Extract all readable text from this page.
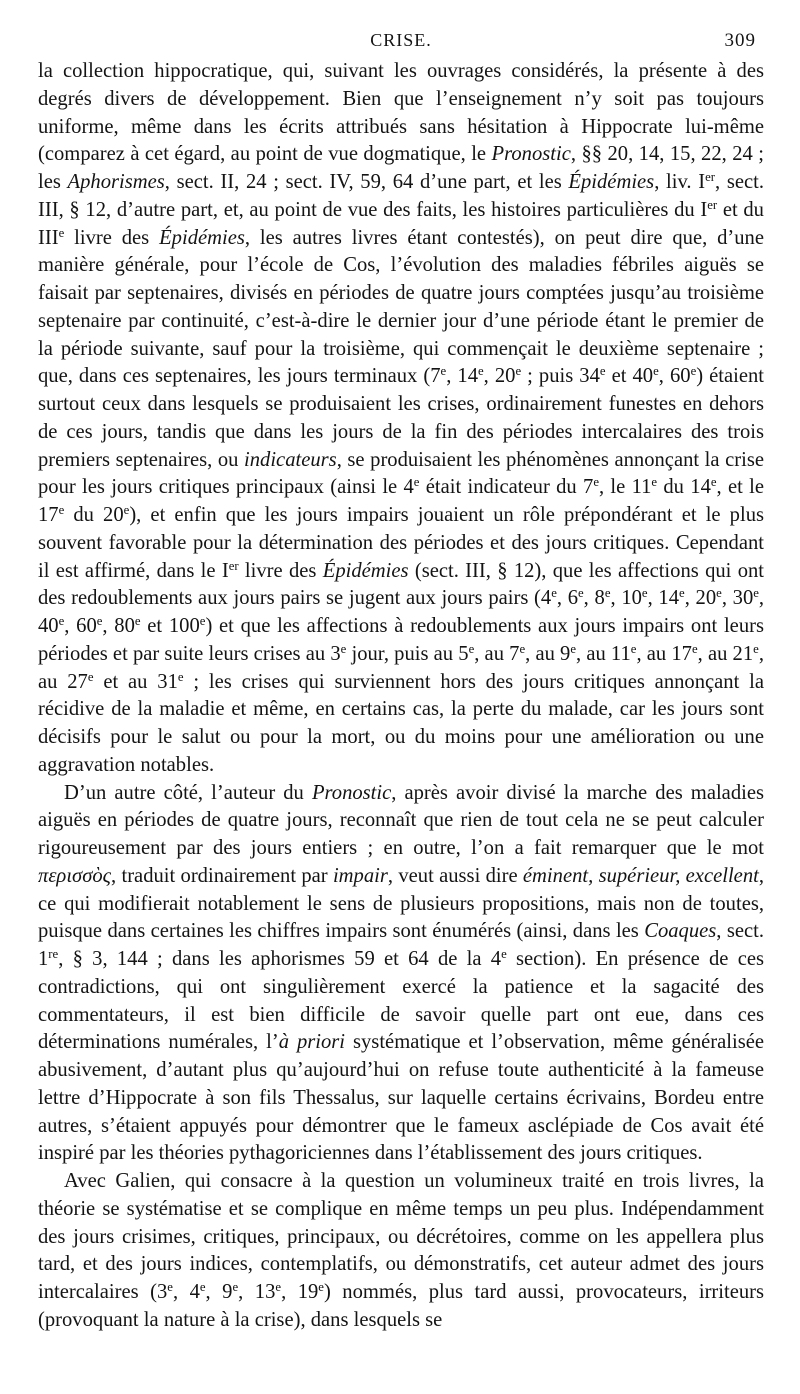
CRISE.	309

la collection hippocratique, qui, suivant les ouvrages considérés, la présente à des degrés divers de développement. Bien que l’enseignement n’y soit pas toujours uniforme, même dans les écrits attribués sans hésitation à Hippocrate lui-même (comparez à cet égard, au point de vue dogmatique, le Pronostic, §§ 20, 14, 15, 22, 24 ; les Aphorismes, sect. II, 24 ; sect. IV, 59, 64 d’une part, et les Épidémies, liv. Ier, sect. III, § 12, d’autre part, et, au point de vue des faits, les histoires particulières du Ier et du IIIe livre des Épidémies, les autres livres étant contestés), on peut dire que, d’une manière générale, pour l’école de Cos, l’évolution des maladies fébriles aiguës se faisait par septenaires, divisés en périodes de quatre jours comptées jusqu’au troisième septenaire par continuité, c’est-à-dire le dernier jour d’une période étant le premier de la période suivante, sauf pour la troisième, qui commençait le deuxième septenaire ; que, dans ces septenaires, les jours terminaux (7e, 14e, 20e ; puis 34e et 40e, 60e) étaient surtout ceux dans lesquels se produisaient les crises, ordinairement funestes en dehors de ces jours, tandis que dans les jours de la fin des périodes intercalaires des trois premiers septenaires, ou indicateurs, se produisaient les phénomènes annonçant la crise pour les jours critiques principaux (ainsi le 4e était indicateur du 7e, le 11e du 14e, et le 17e du 20e), et enfin que les jours impairs jouaient un rôle prépondérant et le plus souvent favorable pour la détermination des périodes et des jours critiques. Cependant il est affirmé, dans le Ier livre des Épidémies (sect. III, § 12), que les affections qui ont des redoublements aux jours pairs se jugent aux jours pairs (4e, 6e, 8e, 10e, 14e, 20e, 30e, 40e, 60e, 80e et 100e) et que les affections à redoublements aux jours impairs ont leurs périodes et par suite leurs crises au 3e jour, puis au 5e, au 7e, au 9e, au 11e, au 17e, au 21e, au 27e et au 31e ; les crises qui surviennent hors des jours critiques annonçant la récidive de la maladie et même, en certains cas, la perte du malade, car les jours sont décisifs pour le salut ou pour la mort, ou du moins pour une amélioration ou une aggravation notables.

D’un autre côté, l’auteur du Pronostic, après avoir divisé la marche des maladies aiguës en périodes de quatre jours, reconnaît que rien de tout cela ne se peut calculer rigoureusement par des jours entiers ; en outre, l’on a fait remarquer que le mot περισσὸς, traduit ordinairement par impair, veut aussi dire éminent, supérieur, excellent, ce qui modifierait notablement le sens de plusieurs propositions, mais non de toutes, puisque dans certaines les chiffres impairs sont énumérés (ainsi, dans les Coaques, sect. 1re, § 3, 144 ; dans les aphorismes 59 et 64 de la 4e section). En présence de ces contradictions, qui ont singulièrement exercé la patience et la sagacité des commentateurs, il est bien difficile de savoir quelle part ont eue, dans ces déterminations numérales, l’à priori systématique et l’observation, même généralisée abusivement, d’autant plus qu’aujourd’hui on refuse toute authenticité à la fameuse lettre d’Hippocrate à son fils Thessalus, sur laquelle certains écrivains, Bordeu entre autres, s’étaient appuyés pour démontrer que le fameux asclépiade de Cos avait été inspiré par les théories pythagoriciennes dans l’établissement des jours critiques.

Avec Galien, qui consacre à la question un volumineux traité en trois livres, la théorie se systématise et se complique en même temps un peu plus. Indépendamment des jours crisimes, critiques, principaux, ou décrétoires, comme on les appellera plus tard, et des jours indices, contemplatifs, ou démonstratifs, cet auteur admet des jours intercalaires (3e, 4e, 9e, 13e, 19e) nommés, plus tard aussi, provocateurs, irriteurs (provoquant la nature à la crise), dans lesquels se
